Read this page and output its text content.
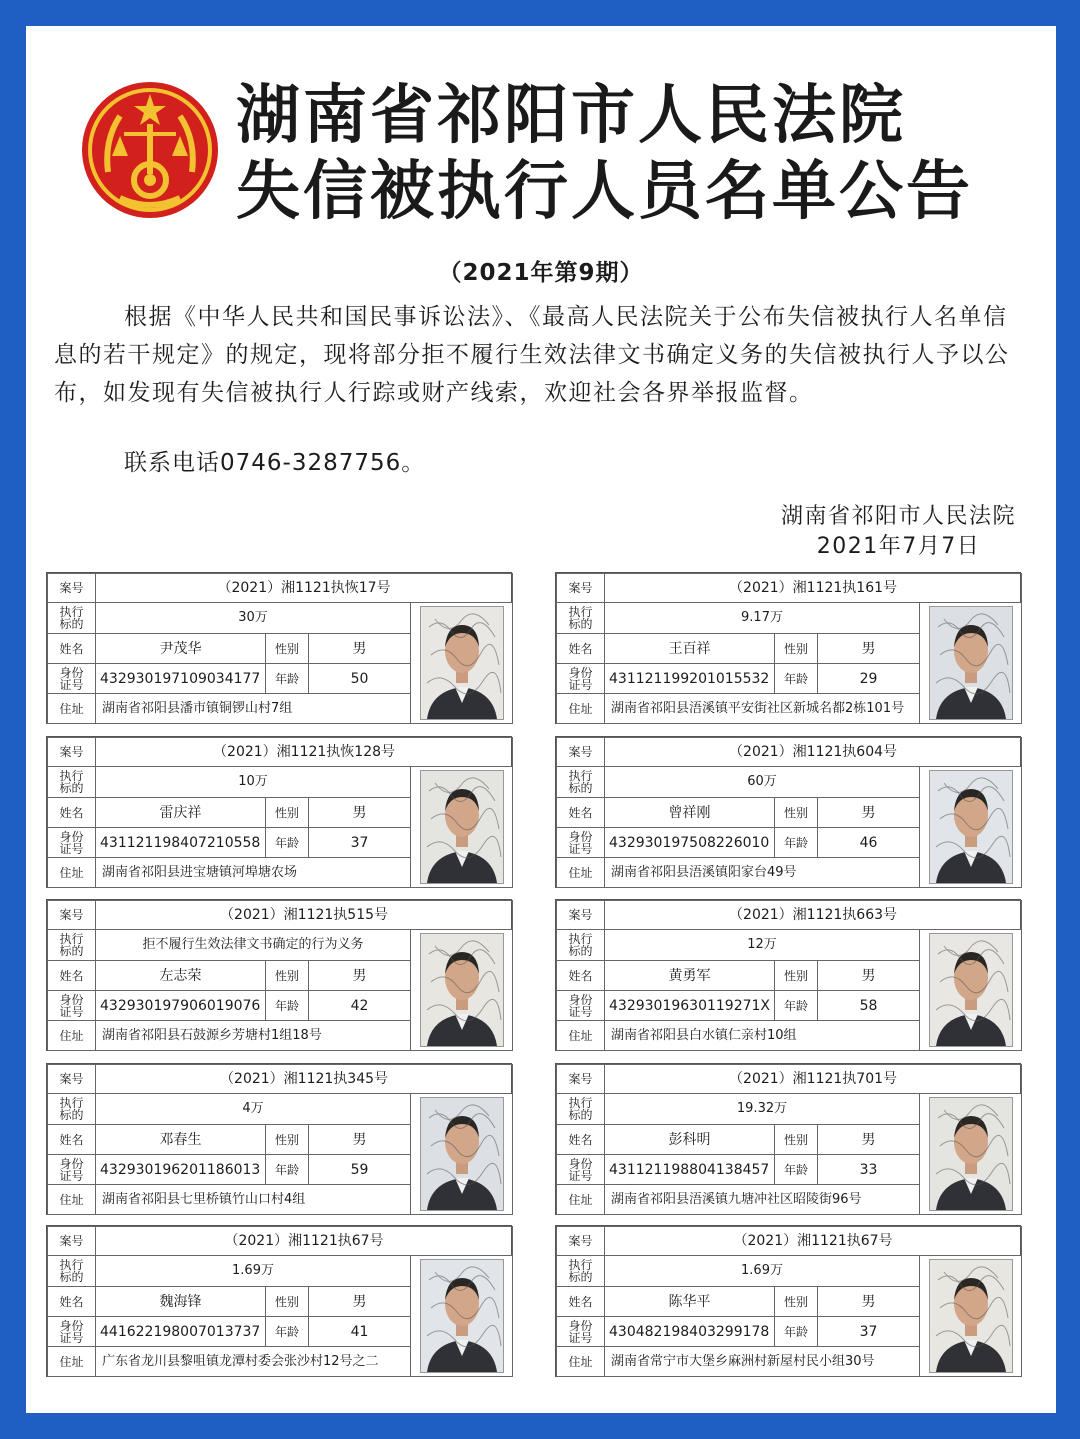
湖南省祁阳市人民法院
失信被执行人员名单公告
（2021年第9期）

根据《中华人民共和国民事诉讼法》、《最高人民法院关于公布失信被执行人名单信息的若干规定》的规定，现将部分拒不履行生效法律文书确定义务的失信被执行人予以公布，如发现有失信被执行人行踪或财产线索，欢迎社会各界举报监督。

联系电话0746-3287756。
湖南省祁阳市人民法院
2021年7月7日
案号	（2021）湘1121执恢17号			
执行
标的	30万	

姓名	尹茂华	性别	男	
身份
证号	432930197109034177	年龄	50	
住址	湖南省祁阳县潘市镇铜锣山村7组			
案号	（2021）湘1121执161号			
执行
标的	9.17万	

姓名	王百祥	性别	男	
身份
证号	431121199201015532	年龄	29	
住址	湖南省祁阳县浯溪镇平安街社区新城名都2栋101号			
案号	（2021）湘1121执恢128号			
执行
标的	10万	

姓名	雷庆祥	性别	男	
身份
证号	431121198407210558	年龄	37	
住址	湖南省祁阳县进宝塘镇河埠塘农场			
案号	（2021）湘1121执604号			
执行
标的	60万	

姓名	曾祥刚	性别	男	
身份
证号	432930197508226010	年龄	46	
住址	湖南省祁阳县浯溪镇阳家台49号			
案号	（2021）湘1121执515号			
执行
标的	拒不履行生效法律文书确定的行为义务	

姓名	左志荣	性别	男	
身份
证号	432930197906019076	年龄	42	
住址	湖南省祁阳县石鼓源乡芳塘村1组18号			
案号	（2021）湘1121执663号			
执行
标的	12万	

姓名	黄勇军	性别	男	
身份
证号	43293019630119271X	年龄	58	
住址	湖南省祁阳县白水镇仁亲村10组			
案号	（2021）湘1121执345号			
执行
标的	4万	

姓名	邓春生	性别	男	
身份
证号	432930196201186013	年龄	59	
住址	湖南省祁阳县七里桥镇竹山口村4组			
案号	（2021）湘1121执701号			
执行
标的	19.32万	

姓名	彭科明	性别	男	
身份
证号	431121198804138457	年龄	33	
住址	湖南省祁阳县浯溪镇九塘冲社区昭陵街96号			
案号	（2021）湘1121执67号			
执行
标的	1.69万	

姓名	魏海锋	性别	男	
身份
证号	441622198007013737	年龄	41	
住址	广东省龙川县黎咀镇龙潭村委会张沙村12号之二			
案号	（2021）湘1121执67号			
执行
标的	1.69万	

姓名	陈华平	性别	男	
身份
证号	430482198403299178	年龄	37	
住址	湖南省常宁市大堡乡麻洲村新屋村民小组30号			
